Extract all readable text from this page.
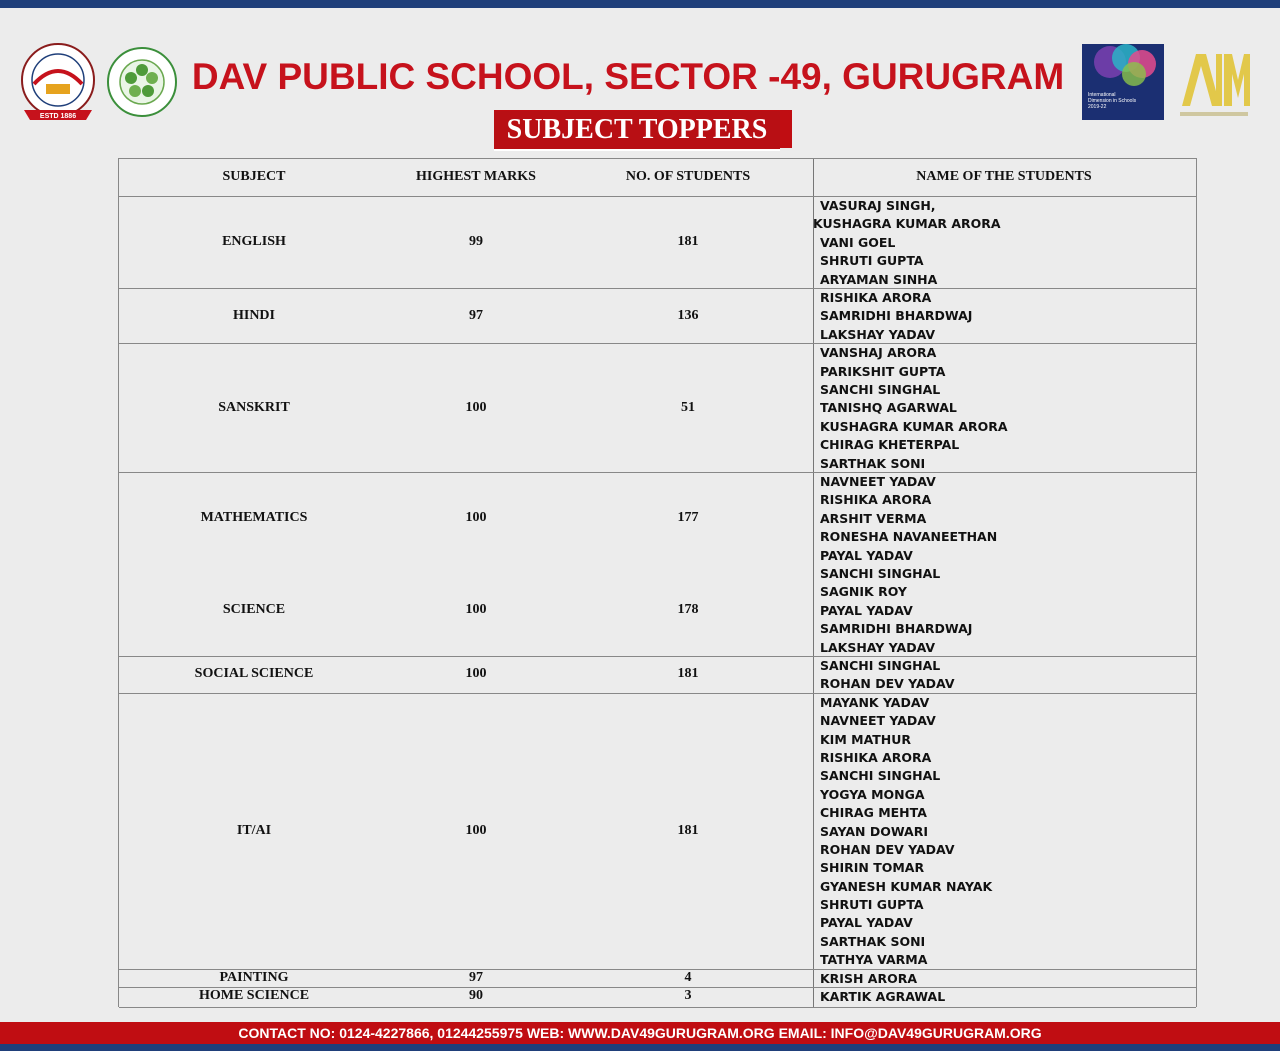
ESTD 1886
DAV PUBLIC SCHOOL, SECTOR -49, GURUGRAM
SUBJECT TOPPERS
International
Dimension in Schools
2019-22
SUBJECT	HIGHEST MARKS	NO. OF STUDENTS	NAME OF THE STUDENTS
ENGLISH	99	181
VASURAJ SINGH,
KUSHAGRA KUMAR ARORA
VANI GOEL
SHRUTI GUPTA
ARYAMAN SINHA
HINDI	97	136
RISHIKA ARORA
SAMRIDHI BHARDWAJ
LAKSHAY YADAV
SANSKRIT	100	51
VANSHAJ ARORA
PARIKSHIT GUPTA
SANCHI SINGHAL
TANISHQ AGARWAL
KUSHAGRA KUMAR ARORA
CHIRAG KHETERPAL
SARTHAK SONI
MATHEMATICS	100	177
NAVNEET YADAV
RISHIKA ARORA
ARSHIT VERMA
RONESHA NAVANEETHAN
PAYAL YADAV
SCIENCE	100	178
SANCHI SINGHAL
SAGNIK ROY
PAYAL YADAV
SAMRIDHI BHARDWAJ
LAKSHAY YADAV
SOCIAL SCIENCE	100	181
SANCHI SINGHAL
ROHAN DEV YADAV
IT/AI	100	181
MAYANK YADAV
NAVNEET YADAV
KIM MATHUR
RISHIKA ARORA
SANCHI SINGHAL
YOGYA MONGA
CHIRAG MEHTA
SAYAN DOWARI
ROHAN DEV YADAV
SHIRIN TOMAR
GYANESH KUMAR NAYAK
SHRUTI GUPTA
PAYAL YADAV
SARTHAK SONI
TATHYA VARMA
PAINTING	97	4	KRISH ARORA
HOME SCIENCE	90	3	KARTIK AGRAWAL
CONTACT NO: 0124-4227866, 01244255975 WEB: WWW.DAV49GURUGRAM.ORG EMAIL: INFO@DAV49GURUGRAM.ORG
